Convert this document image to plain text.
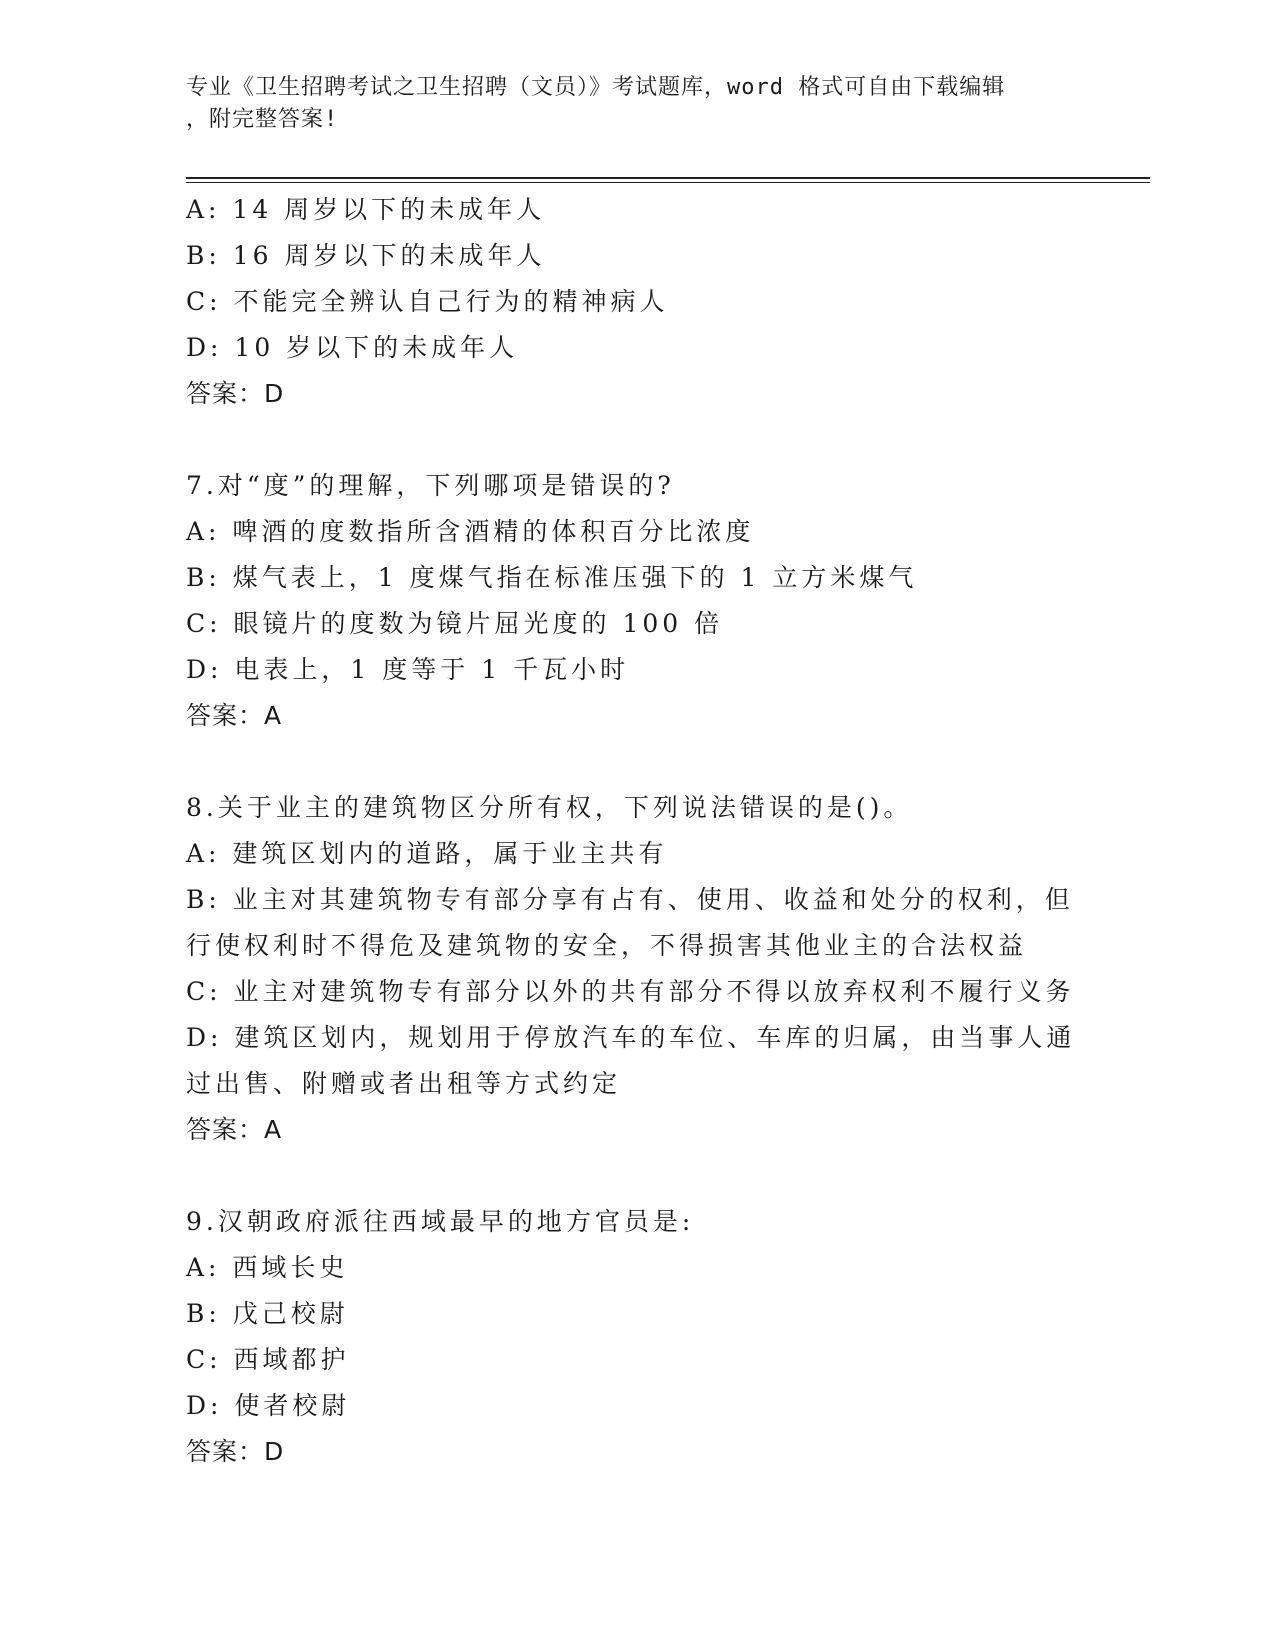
专业《卫生招聘考试之卫生招聘（文员）》考试题库，word 格式可自由下载编辑
，附完整答案!
A: 14 周岁以下的未成年人
B: 16 周岁以下的未成年人
C: 不能完全辨认自己行为的精神病人
D: 10 岁以下的未成年人
答案：D
7.对“度”的理解，下列哪项是错误的?
A: 啤酒的度数指所含酒精的体积百分比浓度
B: 煤气表上，1 度煤气指在标准压强下的 1 立方米煤气
C: 眼镜片的度数为镜片屈光度的 100 倍
D: 电表上，1 度等于 1 千瓦小时
答案：A
8.关于业主的建筑物区分所有权，下列说法错误的是()。
A: 建筑区划内的道路，属于业主共有
B: 业主对其建筑物专有部分享有占有、使用、收益和处分的权利，但
行使权利时不得危及建筑物的安全，不得损害其他业主的合法权益
C: 业主对建筑物专有部分以外的共有部分不得以放弃权利不履行义务
D: 建筑区划内，规划用于停放汽车的车位、车库的归属，由当事人通
过出售、附赠或者出租等方式约定
答案：A
9.汉朝政府派往西域最早的地方官员是:
A: 西域长史
B: 戊己校尉
C: 西域都护
D: 使者校尉
答案：D
